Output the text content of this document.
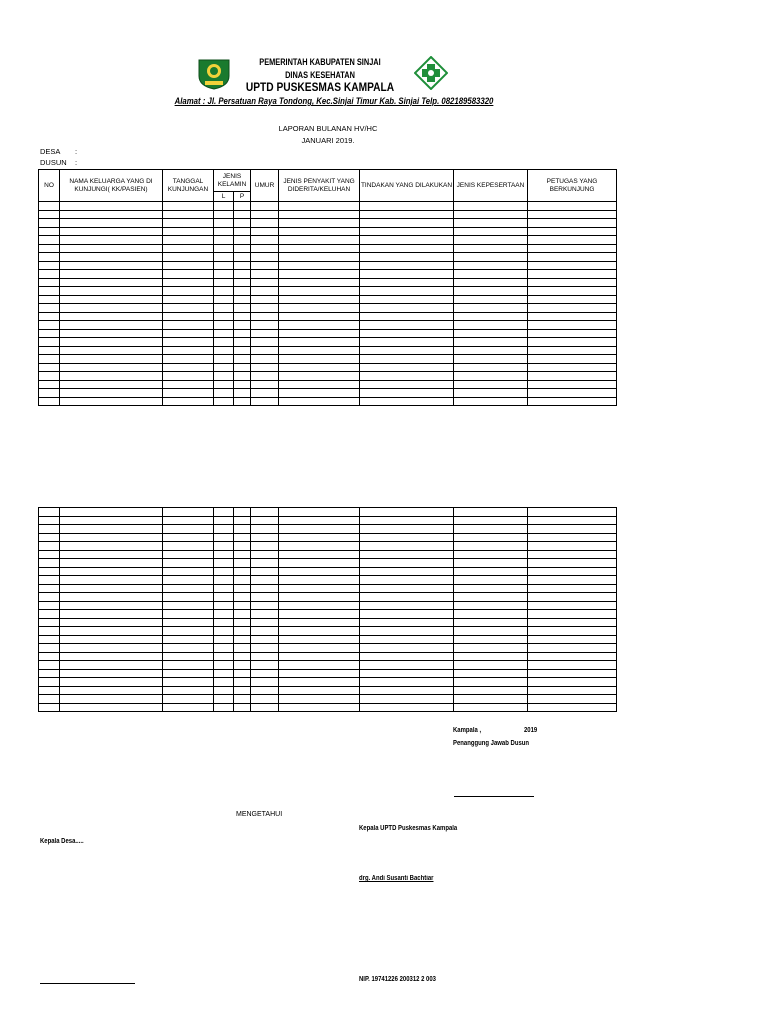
PEMERINTAH KABUPATEN SINJAI
DINAS KESEHATAN
UPTD PUSKESMAS KAMPALA
Alamat : Jl. Persatuan Raya Tondong, Kec.Sinjai Timur Kab. Sinjai Telp. 082189583320
LAPORAN BULANAN HV/HC
JANUARI 2019.
DESA :
DUSUN :
NO	NAMA KELUARGA YANG DI KUNJUNGI( KK/PASIEN)	TANGGAL KUNJUNGAN	JENIS KELAMIN		UMUR	JENIS PENYAKIT YANG DIDERITA/KELUHAN	TINDAKAN YANG DILAKUKAN	JENIS KEPESERTAAN	PETUGAS YANG BERKUNJUNG
			L	P					

Kampala ,	2019
Penanggung Jawab Dusun
MENGETAHUI
Kepala UPTD Puskesmas Kampala
Kepala Desa.....
drg. Andi Susanti Bachtiar
NIP. 19741226 200312 2 003
